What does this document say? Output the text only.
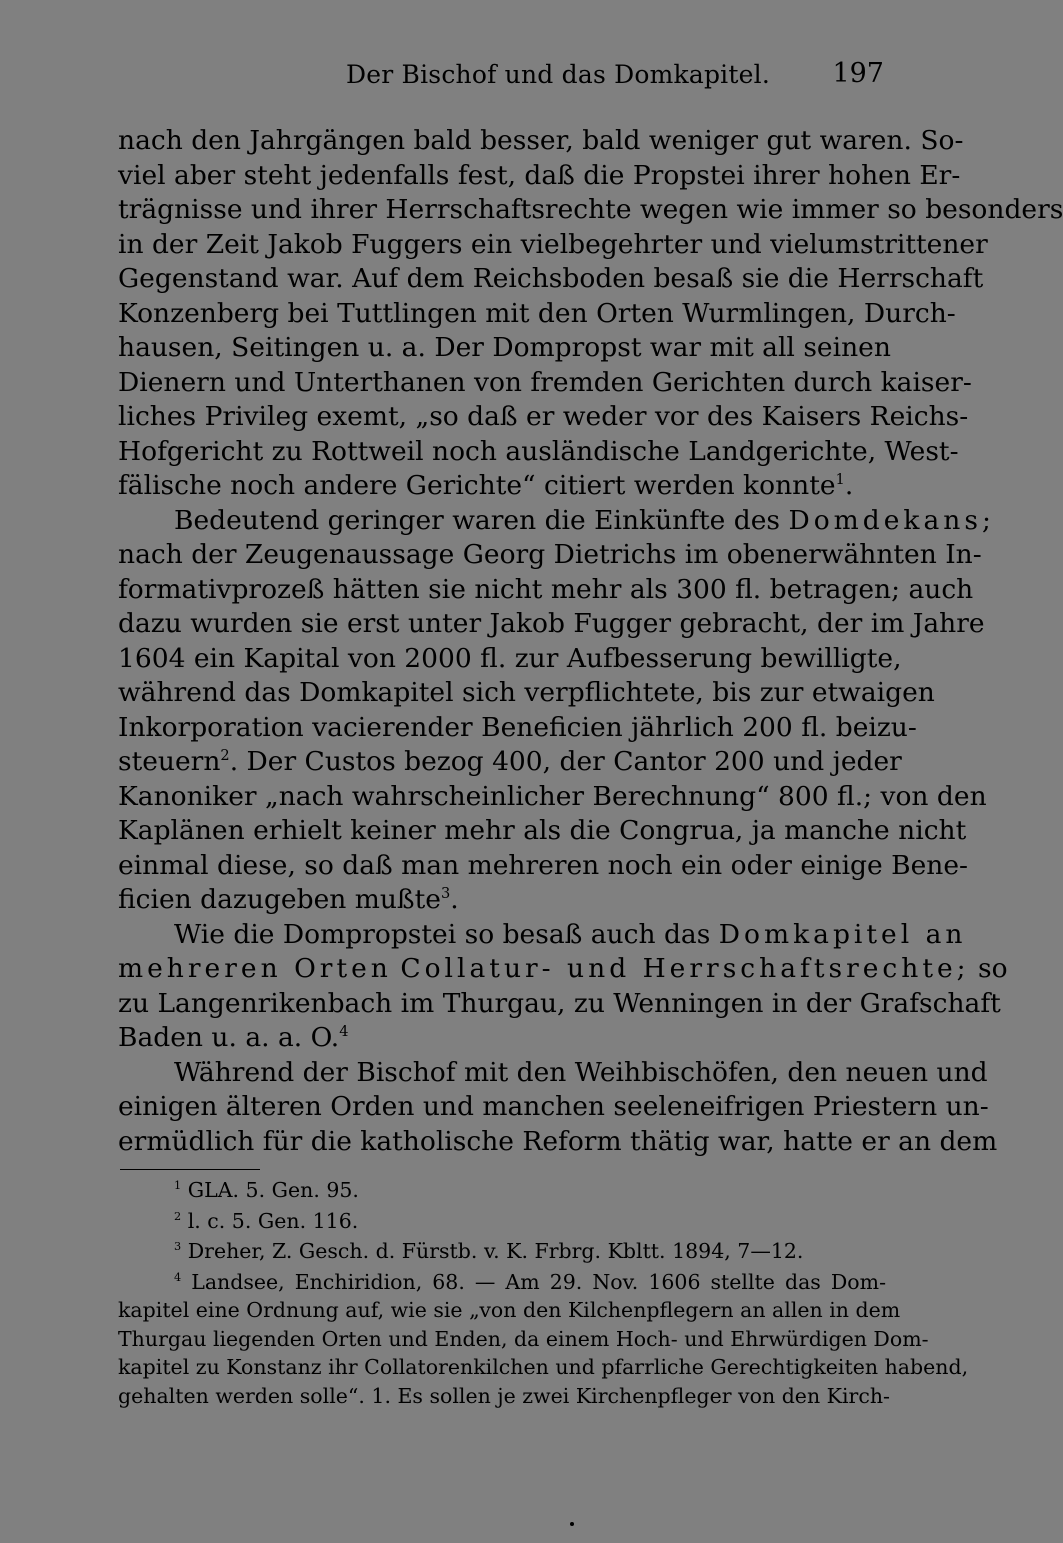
Der Bischof und das Domkapitel. 197
nach den Jahrgängen bald besser, bald weniger gut waren. So-
viel aber steht jedenfalls fest, daß die Propstei ihrer hohen Er-
trägnisse und ihrer Herrschaftsrechte wegen wie immer so besonders
in der Zeit Jakob Fuggers ein vielbegehrter und vielumstrittener
Gegenstand war. Auf dem Reichsboden besaß sie die Herrschaft
Konzenberg bei Tuttlingen mit den Orten Wurmlingen, Durch-
hausen, Seitingen u. a. Der Dompropst war mit all seinen
Dienern und Unterthanen von fremden Gerichten durch kaiser-
liches Privileg exemt, „so daß er weder vor des Kaisers Reichs-
Hofgericht zu Rottweil noch ausländische Landgerichte, West-
fälische noch andere Gerichte“ citiert werden konnte$^1$.
Bedeutend geringer waren die Einkünfte des Domdekans;
nach der Zeugenaussage Georg Dietrichs im obenerwähnten In-
formativprozeß hätten sie nicht mehr als 300 fl. betragen; auch
dazu wurden sie erst unter Jakob Fugger gebracht, der im Jahre
1604 ein Kapital von 2000 fl. zur Aufbesserung bewilligte,
während das Domkapitel sich verpflichtete, bis zur etwaigen
Inkorporation vacierender Beneficien jährlich 200 fl. beizu-
steuern$^2$. Der Custos bezog 400, der Cantor 200 und jeder
Kanoniker „nach wahrscheinlicher Berechnung“ 800 fl.; von den
Kaplänen erhielt keiner mehr als die Congrua, ja manche nicht
einmal diese, so daß man mehreren noch ein oder einige Bene-
ficien dazugeben mußte$^3$.
Wie die Dompropstei so besaß auch das Domkapitel an
mehreren Orten Collatur- und Herrschaftsrechte; so
zu Langenrikenbach im Thurgau, zu Wenningen in der Grafschaft
Baden u. a. a. O.$^4$
Während der Bischof mit den Weihbischöfen, den neuen und
einigen älteren Orden und manchen seeleneifrigen Priestern un-
ermüdlich für die katholische Reform thätig war, hatte er an dem
$^1$ GLA. 5. Gen. 95.
$^2$ l. c. 5. Gen. 116.
$^3$ Dreher, Z. Gesch. d. Fürstb. v. K. Frbrg. Kbltt. 1894, 7—12.
$^4$ Landsee, Enchiridion, 68. — Am 29. Nov. 1606 stellte das Dom-
kapitel eine Ordnung auf, wie sie „von den Kilchenpflegern an allen in dem
Thurgau liegenden Orten und Enden, da einem Hoch- und Ehrwürdigen Dom-
kapitel zu Konstanz ihr Collatorenkilchen und pfarrliche Gerechtigkeiten habend,
gehalten werden solle“. 1. Es sollen je zwei Kirchenpfleger von den Kirch-
